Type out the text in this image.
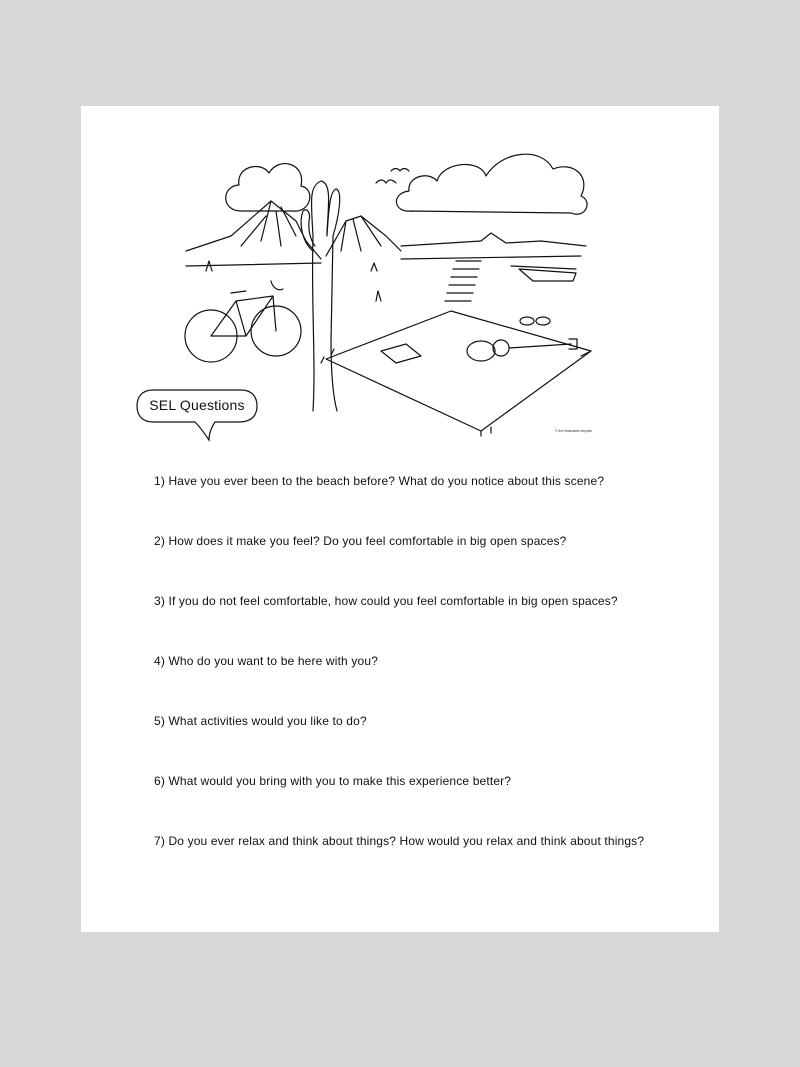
SEL Questions
© the illustrated empath
1) Have you ever been to the beach before? What do you notice about this scene?
2) How does it make you feel? Do you feel comfortable in big open spaces?
3) If you do not feel comfortable, how could you feel comfortable in big open spaces?
4) Who do you want to be here with you?
5) What activities would you like to do?
6) What would you bring with you to make this experience better?
7) Do you ever relax and think about things? How would you relax and think about things?
